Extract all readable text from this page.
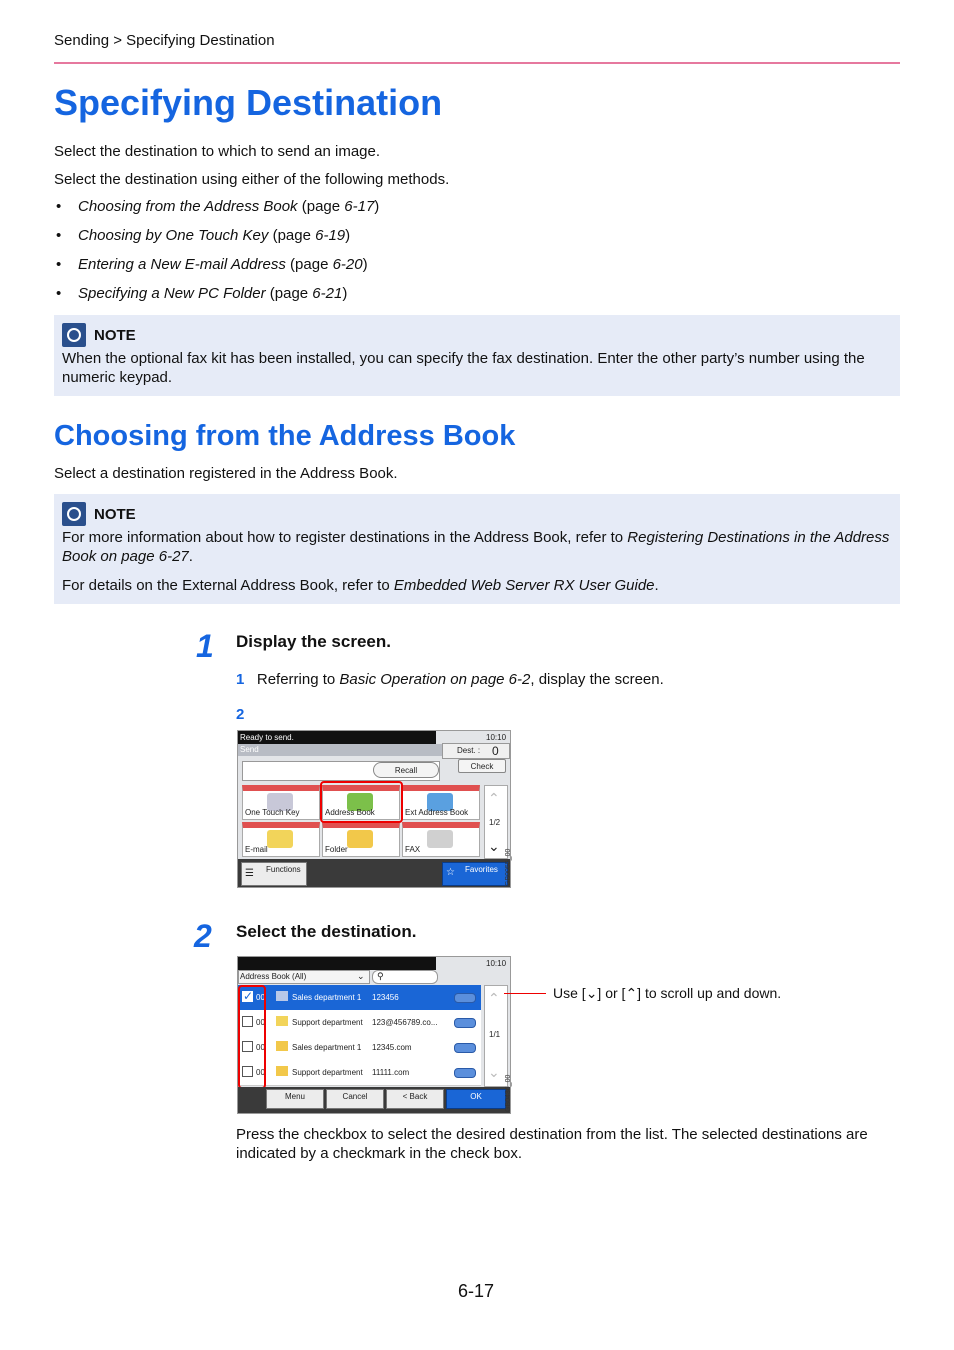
Sending > Specifying Destination
Specifying Destination
Select the destination to which to send an image.
Select the destination using either of the following methods.
• Choosing from the Address Book (page 6-17)
• Choosing by One Touch Key (page 6-19)
• Entering a New E-mail Address (page 6-20)
• Specifying a New PC Folder (page 6-21)
NOTE
When the optional fax kit has been installed, you can specify the fax destination. Enter the other party’s number using the numeric keypad.
Choosing from the Address Book
Select a destination registered in the Address Book.
NOTE
For more information about how to register destinations in the Address Book, refer to Registering Destinations in the Address Book on page 6-27.
For details on the External Address Book, refer to Embedded Web Server RX User Guide.
1 Display the screen.
1 Referring to Basic Operation on page 6-2, display the screen.
2
Ready to send.	10:10
Send	Dest. : 0
Check
Recall
One Touch Key	Address Book	Ext Address Book
E-mail	Folder	FAX
⌃
1/2
⌄
☰ Functions	☆ Favorites GB0055_00
2 Select the destination.
10:10
Address Book (All)	⌄ ⚲
✓ 00	Sales department 1 123456
00	Support department 123@456789.co...
00	Sales department 1 12345.com
00	Support department 11111.com
⌃
1/1
⌄
Menu	Cancel	< Back	OK	GB0436_00
Use [⌄] or [⌃] to scroll up and down.
Press the checkbox to select the desired destination from the list. The selected destinations are indicated by a checkmark in the check box.
6-17
